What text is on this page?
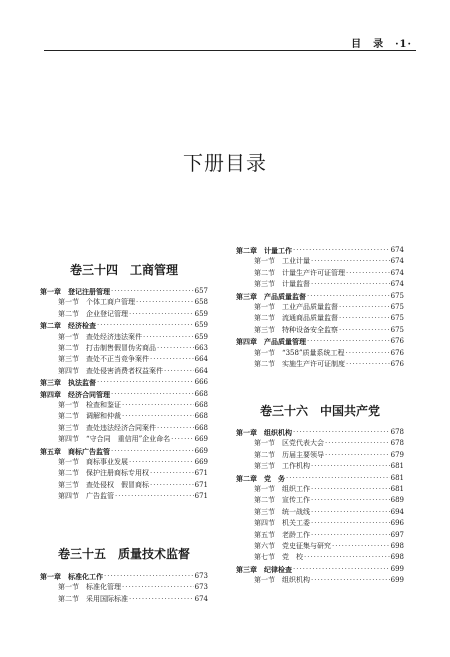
目　录　·1·
下册目录
卷三十四　工商管理
第一章　登记注册管理 ·····	657
第一节　个体工商户管理 ·····	658
第二节　企业登记管理 ·····	659
第二章　经济检查 ·····	659
第一节　查处经济违法案件 ·····	659
第二节　打击制售假冒伪劣商品 ·····	663
第三节　查处不正当竞争案件 ·····	664
第四节　查处侵害消费者权益案件 ·····	664
第三章　执法监督 ·····	666
第四章　经济合同管理 ·····	668
第一节　检查和鉴证 ·····	668
第二节　调解和仲裁 ·····	668
第三节　查处违法经济合同案件 ·····	668
第四节　“守合同　重信用”企业命名 ·····	669
第五章　商标广告监管 ·····	669
第一节　商标事业发展 ·····	669
第二节　保护注册商标专用权 ·····	671
第三节　查处侵权　假冒商标 ·····	671
第四节　广告监管 ·····	671
卷三十五　质量技术监督
第一章　标准化工作 ·····	673
第一节　标准化管理 ·····	673
第二节　采用国际标准 ·····	674
第二章　计量工作 ·····	674
第一节　工业计量 ·····	674
第二节　计量生产许可证管理 ·····	674
第三节　计量监督 ·····	674
第三章　产品质量监督 ·····	675
第一节　工业产品质量监督 ·····	675
第二节　流通商品质量监督 ·····	675
第三节　特种设备安全监察 ·····	675
第四章　产品质量管理 ·····	676
第一节　“358”质量系统工程 ·····	676
第二节　实施生产许可证制度 ·····	676
卷三十六　中国共产党
第一章　组织机构 ·····	678
第一节　区党代表大会 ·····	678
第二节　历届主要领导 ·····	679
第三节　工作机构 ·····	681
第二章　党　务 ·····	681
第一节　组织工作 ·····	681
第二节　宣传工作 ·····	689
第三节　统一战线 ·····	694
第四节　机关工委 ·····	696
第五节　老龄工作 ·····	697
第六节　党史征集与研究 ·····	698
第七节　党　校 ·····	698
第三章　纪律检查 ·····	699
第一节　组织机构 ·····	699
